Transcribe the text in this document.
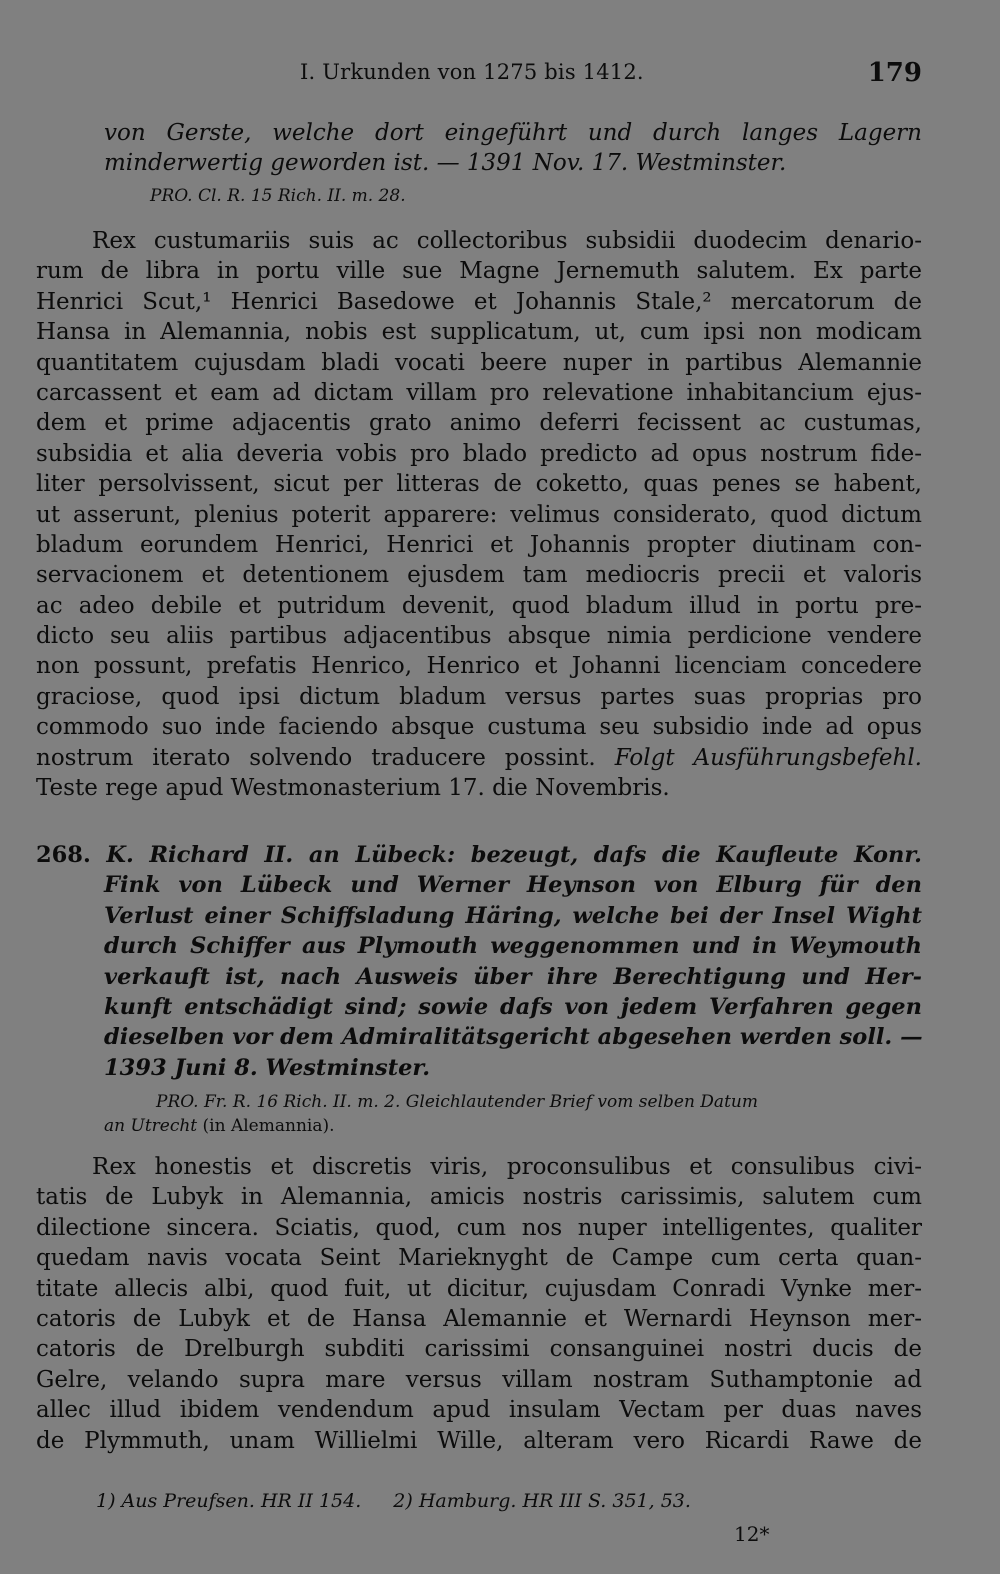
I. Urkunden von 1275 bis 1412.	179
von Gerste, welche dort eingeführt und durch langes Lagern
minderwertig geworden ist. — 1391 Nov. 17. Westminster.
PRO. Cl. R. 15 Rich. II. m. 28.
Rex custumariis suis ac collectoribus subsidii duodecim denario-
rum de libra in portu ville sue Magne Jernemuth salutem. Ex parte
Henrici Scut,¹ Henrici Basedowe et Johannis Stale,² mercatorum de
Hansa in Alemannia, nobis est supplicatum, ut, cum ipsi non modicam
quantitatem cujusdam bladi vocati beere nuper in partibus Alemannie
carcassent et eam ad dictam villam pro relevatione inhabitancium ejus-
dem et prime adjacentis grato animo deferri fecissent ac custumas,
subsidia et alia deveria vobis pro blado predicto ad opus nostrum fide-
liter persolvissent, sicut per litteras de coketto, quas penes se habent,
ut asserunt, plenius poterit apparere: velimus considerato, quod dictum
bladum eorundem Henrici, Henrici et Johannis propter diutinam con-
servacionem et detentionem ejusdem tam mediocris precii et valoris
ac adeo debile et putridum devenit, quod bladum illud in portu pre-
dicto seu aliis partibus adjacentibus absque nimia perdicione vendere
non possunt, prefatis Henrico, Henrico et Johanni licenciam concedere
graciose, quod ipsi dictum bladum versus partes suas proprias pro
commodo suo inde faciendo absque custuma seu subsidio inde ad opus
nostrum iterato solvendo traducere possint. Folgt Ausführungsbefehl.
Teste rege apud Westmonasterium 17. die Novembris.
268. K. Richard II. an Lübeck: bezeugt, dafs die Kaufleute Konr.
Fink von Lübeck und Werner Heynson von Elburg für den
Verlust einer Schiffsladung Häring, welche bei der Insel Wight
durch Schiffer aus Plymouth weggenommen und in Weymouth
verkauft ist, nach Ausweis über ihre Berechtigung und Her-
kunft entschädigt sind; sowie dafs von jedem Verfahren gegen
dieselben vor dem Admiralitätsgericht abgesehen werden soll. —
1393 Juni 8. Westminster.
PRO. Fr. R. 16 Rich. II. m. 2. Gleichlautender Brief vom selben Datum
an Utrecht (in Alemannia).
Rex honestis et discretis viris, proconsulibus et consulibus civi-
tatis de Lubyk in Alemannia, amicis nostris carissimis, salutem cum
dilectione sincera. Sciatis, quod, cum nos nuper intelligentes, qualiter
quedam navis vocata Seint Marieknyght de Campe cum certa quan-
titate allecis albi, quod fuit, ut dicitur, cujusdam Conradi Vynke mer-
catoris de Lubyk et de Hansa Alemannie et Wernardi Heynson mer-
catoris de Drelburgh subditi carissimi consanguinei nostri ducis de
Gelre, velando supra mare versus villam nostram Suthamptonie ad
allec illud ibidem vendendum apud insulam Vectam per duas naves
de Plymmuth, unam Willielmi Wille, alteram vero Ricardi Rawe de
1) Aus Preufsen. HR II 154. 2) Hamburg. HR III S. 351, 53.
12*
